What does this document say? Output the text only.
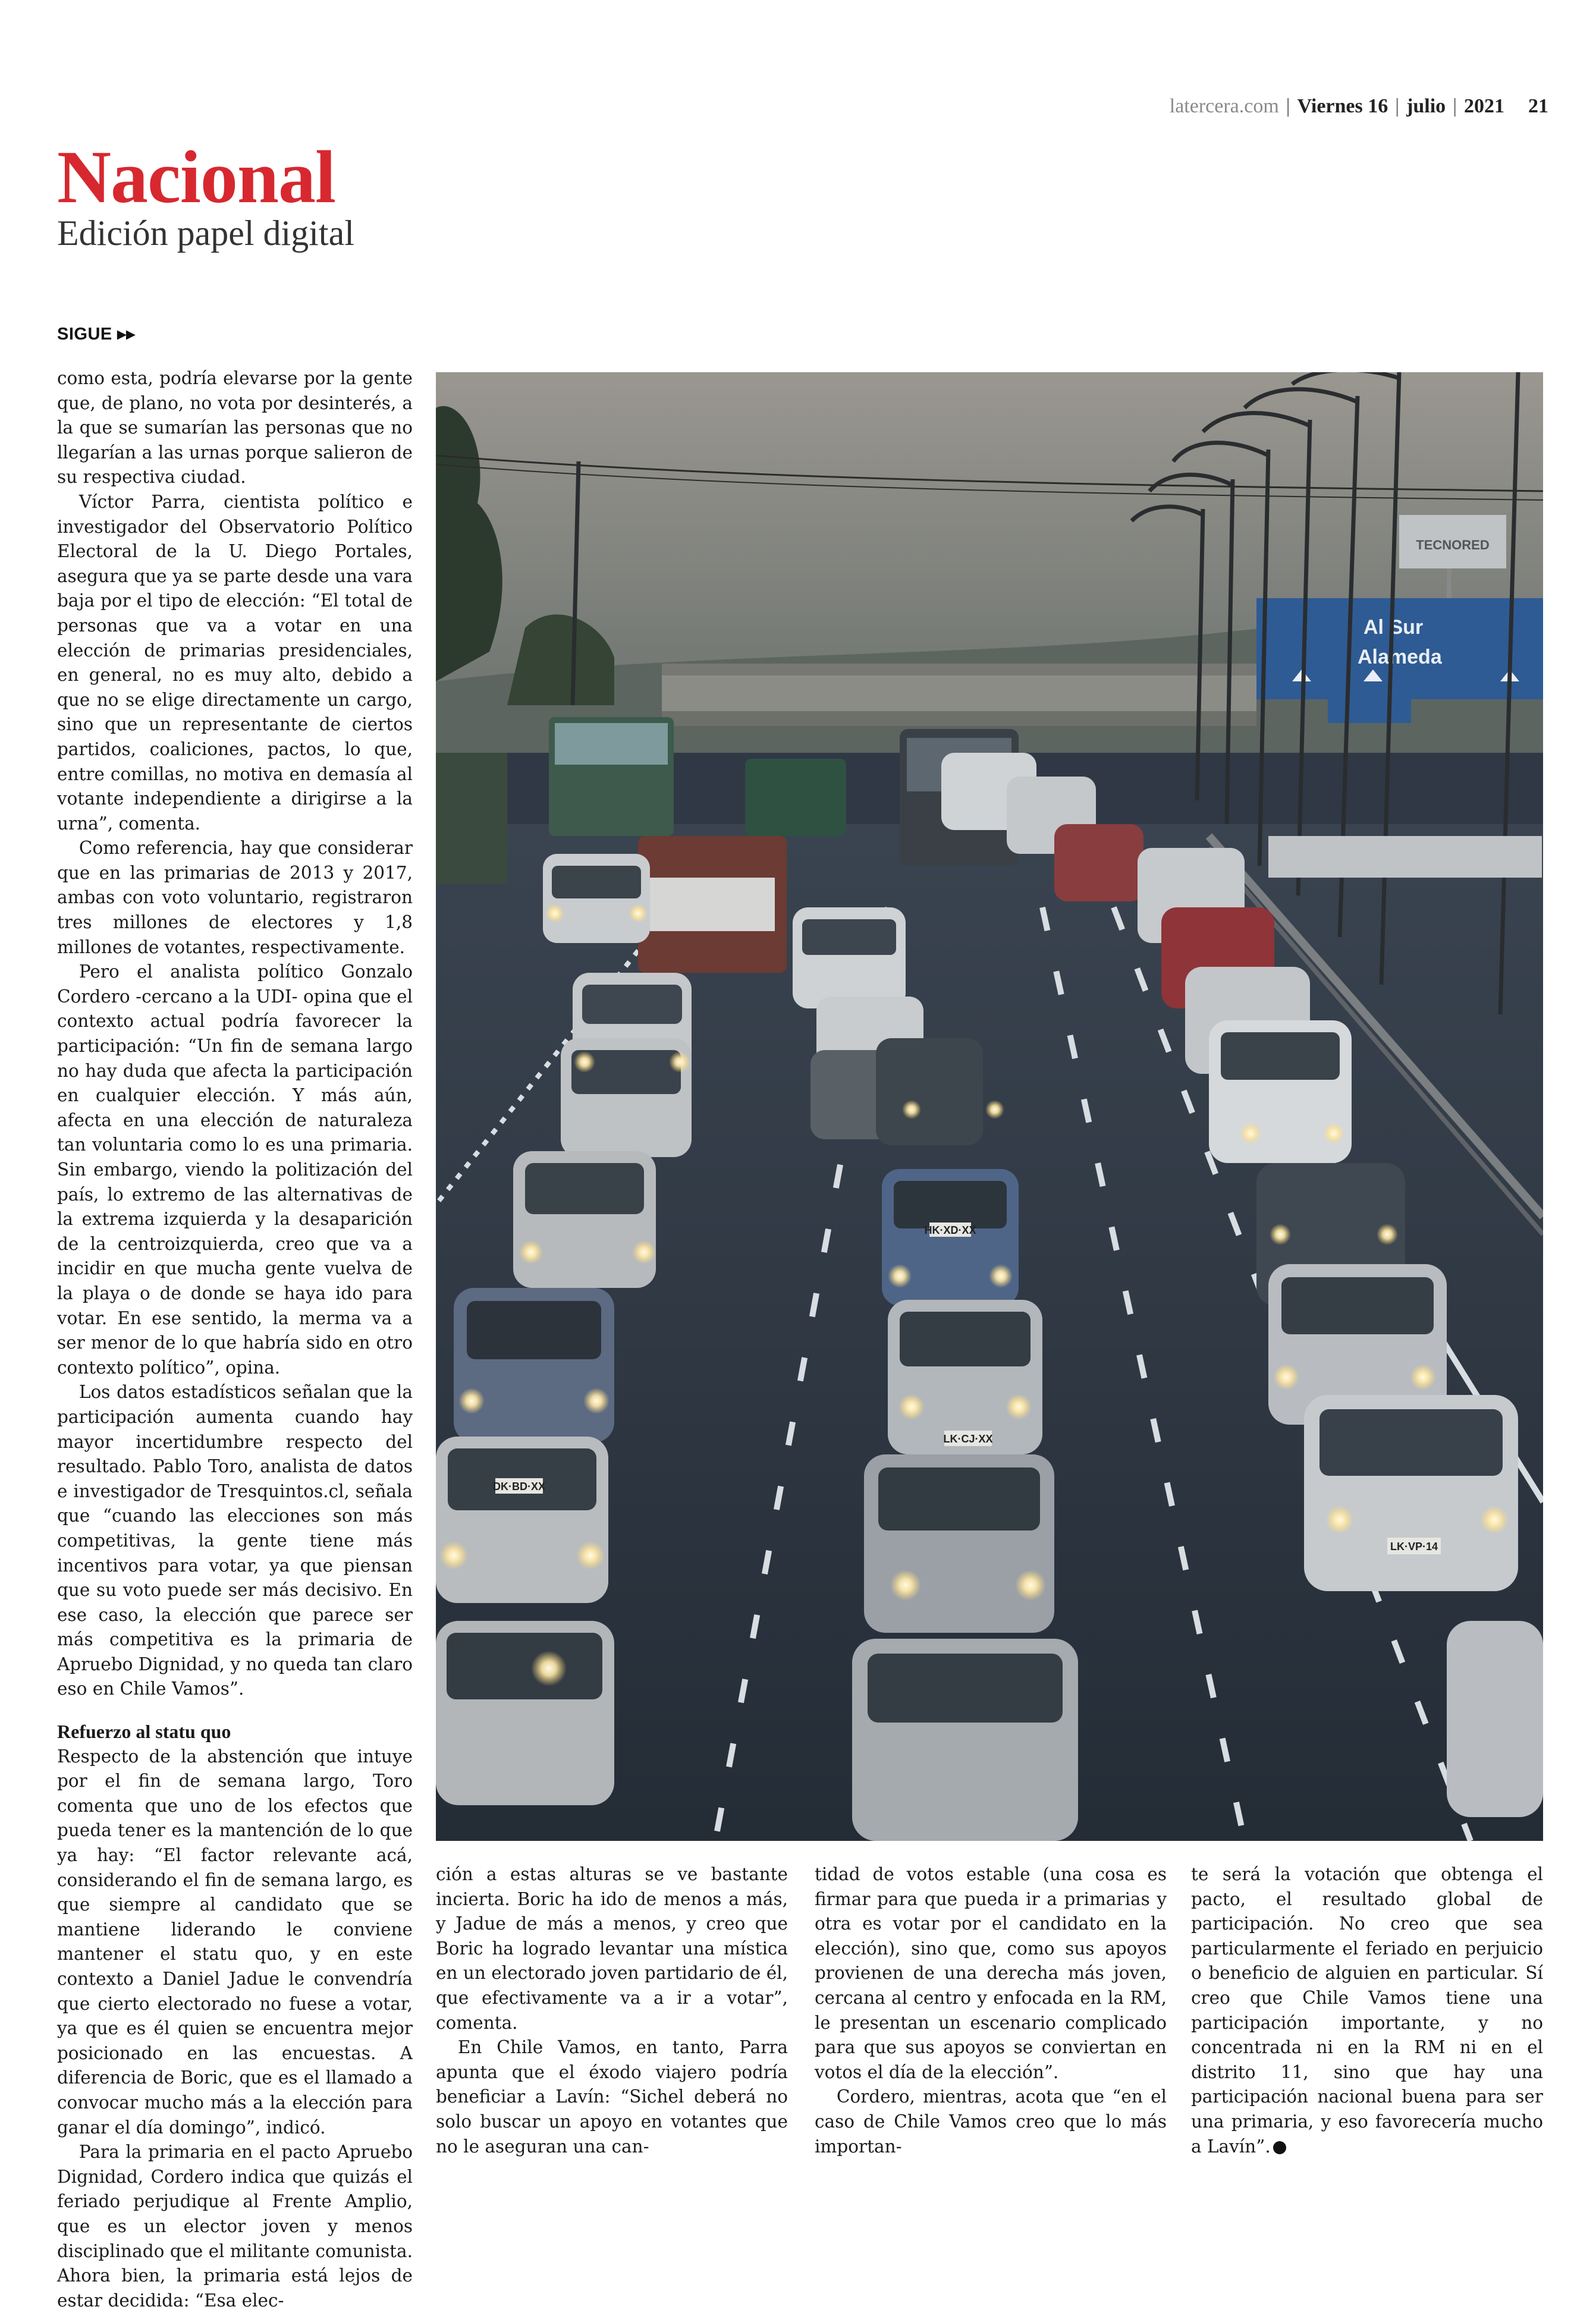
latercera.com | Viernes 16 | julio | 2021 21
Nacional
Edición papel digital
SIGUE ▸▸

como esta, podría elevarse por la gente que, de plano, no vota por desinterés, a la que se sumarían las personas que no llegarían a las urnas porque salieron de su respectiva ciudad.

Víctor Parra, cientista político e investigador del Observatorio Político Electoral de la U. Diego Portales, asegura que ya se parte desde una vara baja por el tipo de elección: “El total de personas que va a votar en una elección de primarias presidenciales, en general, no es muy alto, debido a que no se elige directamente un cargo, sino que un representante de ciertos partidos, coaliciones, pactos, lo que, entre comillas, no motiva en demasía al votante independiente a dirigirse a la urna”, comenta.

Como referencia, hay que considerar que en las primarias de 2013 y 2017, ambas con voto voluntario, registraron tres millones de electores y 1,8 millones de votantes, respectivamente.

Pero el analista político Gonzalo Cordero -cercano a la UDI- opina que el contexto actual podría favorecer la participación: “Un fin de semana largo no hay duda que afecta la participación en cualquier elección. Y más aún, afecta en una elección de naturaleza tan voluntaria como lo es una primaria. Sin embargo, viendo la politización del país, lo extremo de las alternativas de la extrema izquierda y la desaparición de la centroizquierda, creo que va a incidir en que mucha gente vuelva de la playa o de donde se haya ido para votar. En ese sentido, la merma va a ser menor de lo que habría sido en otro contexto político”, opina.

Los datos estadísticos señalan que la participación aumenta cuando hay mayor incertidumbre respecto del resultado. Pablo Toro, analista de datos e investigador de Tresquintos.cl, señala que “cuando las elecciones son más competitivas, la gente tiene más incentivos para votar, ya que piensan que su voto puede ser más decisivo. En ese caso, la elección que parece ser más competitiva es la primaria de Apruebo Dignidad, y no queda tan claro eso en Chile Vamos”.

Refuerzo al statu quo

Respecto de la abstención que intuye por el fin de semana largo, Toro comenta que uno de los efectos que pueda tener es la mantención de lo que ya hay: “El factor relevante acá, considerando el fin de semana largo, es que siempre al candidato que se mantiene liderando le conviene mantener el statu quo, y en este contexto a Daniel Jadue le convendría que cierto electorado no fuese a votar, ya que es él quien se encuentra mejor posicionado en las encuestas. A diferencia de Boric, que es el llamado a convocar mucho más a la elección para ganar el día domingo”, indicó.

Para la primaria en el pacto Apruebo Dignidad, Cordero indica que quizás el feriado perjudique al Frente Amplio, que es un elector joven y menos disciplinado que el militante comunista. Ahora bien, la primaria está lejos de estar decidida: “Esa elec-

ción a estas alturas se ve bastante incierta. Boric ha ido de menos a más, y Jadue de más a menos, y creo que Boric ha logrado levantar una mística en un electorado joven partidario de él, que efectivamente va a ir a votar”, comenta.

En Chile Vamos, en tanto, Parra apunta que el éxodo viajero podría beneficiar a Lavín: “Sichel deberá no solo buscar un apoyo en votantes que no le aseguran una can-

tidad de votos estable (una cosa es firmar para que pueda ir a primarias y otra es votar por el candidato en la elección), sino que, como sus apoyos provienen de una derecha más joven, cercana al centro y enfocada en la RM, le presentan un escenario complicado para que sus apoyos se conviertan en votos el día de la elección”.

Cordero, mientras, acota que “en el caso de Chile Vamos creo que lo más importan-

te será la votación que obtenga el pacto, el resultado global de participación. No creo que sea particularmente el feriado en perjuicio o beneficio de alguien en particular. Sí creo que Chile Vamos tiene una participación importante, y no concentrada ni en la RM ni en el distrito 11, sino que hay una participación nacional buena para ser una primaria, y eso favorecería mucho a Lavín”.

TECNORED
Al Sur
Alameda
LK·VP·14
LK·CJ·XX
DK·BD·XX
HK·XD·XX
